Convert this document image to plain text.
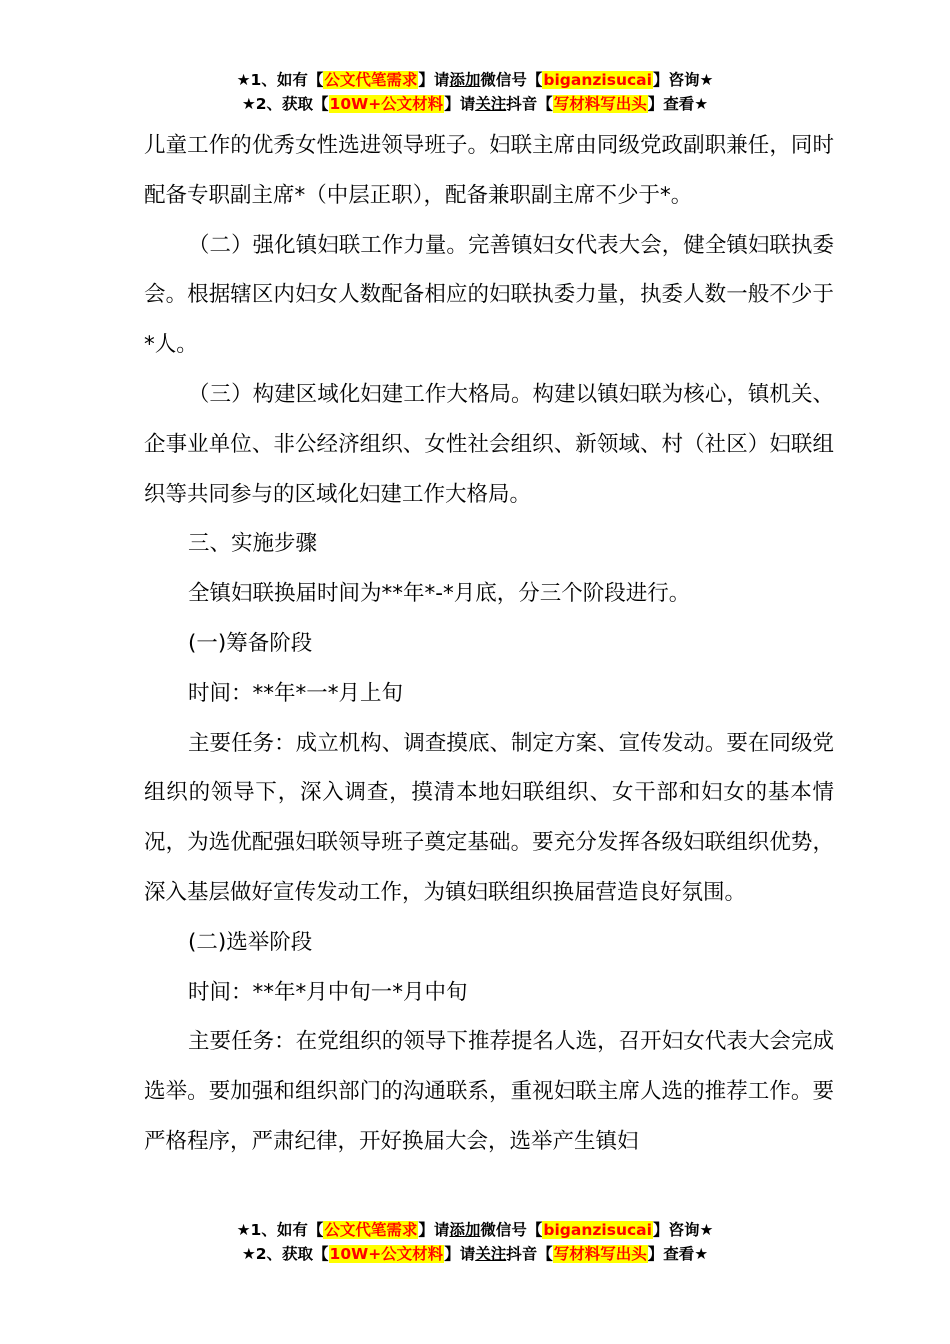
★1、如有【公文代笔需求】请添加微信号【biganzisucai】咨询★
★2、获取【10W+公文材料】请关注抖音【写材料写出头】查看★

儿童工作的优秀女性选进领导班子。妇联主席由同级党政副职兼任，同时配备专职副主席*（中层正职），配备兼职副主席不少于*。

（二）强化镇妇联工作力量。完善镇妇女代表大会，健全镇妇联执委会。根据辖区内妇女人数配备相应的妇联执委力量，执委人数一般不少于*人。

（三）构建区域化妇建工作大格局。构建以镇妇联为核心，镇机关、企事业单位、非公经济组织、女性社会组织、新领域、村（社区）妇联组织等共同参与的区域化妇建工作大格局。

三、实施步骤

全镇妇联换届时间为**年*-*月底，分三个阶段进行。

(一)筹备阶段

时间：**年*一*月上旬

主要任务：成立机构、调查摸底、制定方案、宣传发动。要在同级党组织的领导下，深入调查，摸清本地妇联组织、女干部和妇女的基本情况，为选优配强妇联领导班子奠定基础。要充分发挥各级妇联组织优势，深入基层做好宣传发动工作，为镇妇联组织换届营造良好氛围。

(二)选举阶段

时间：**年*月中旬一*月中旬

主要任务：在党组织的领导下推荐提名人选，召开妇女代表大会完成选举。要加强和组织部门的沟通联系，重视妇联主席人选的推荐工作。要严格程序，严肃纪律，开好换届大会，选举产生镇妇

★1、如有【公文代笔需求】请添加微信号【biganzisucai】咨询★
★2、获取【10W+公文材料】请关注抖音【写材料写出头】查看★
